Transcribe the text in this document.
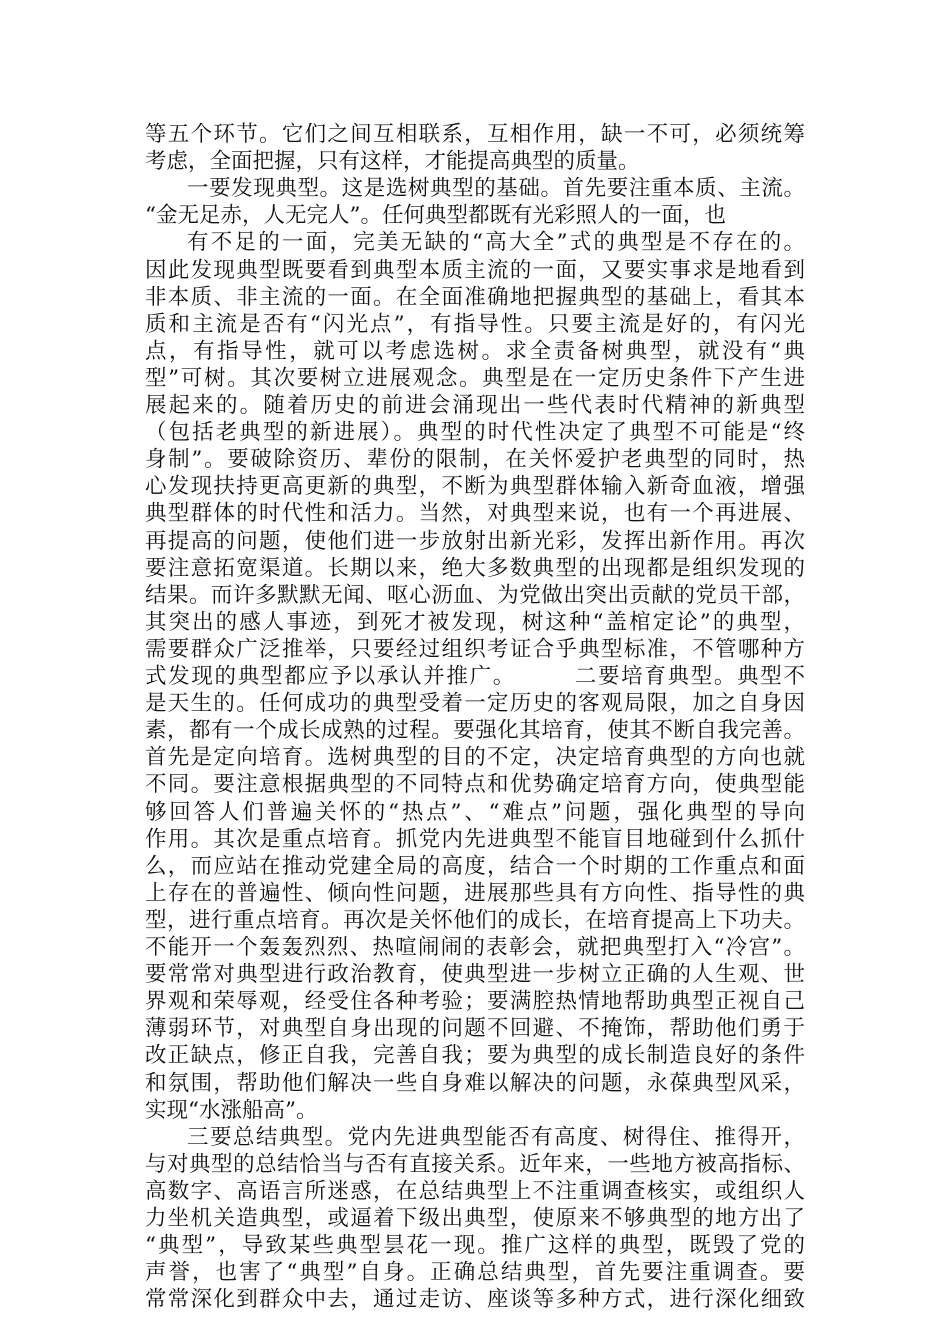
等五个环节。它们之间互相联系，互相作用，缺一不可，必须统筹
考虑，全面把握，只有这样，才能提高典型的质量。
一要发现典型。这是选树典型的基础。首先要注重本质、主流。
“金无足赤，人无完人”。任何典型都既有光彩照人的一面，也
有不足的一面，完美无缺的“高大全”式的典型是不存在的。
因此发现典型既要看到典型本质主流的一面，又要实事求是地看到
非本质、非主流的一面。在全面准确地把握典型的基础上，看其本
质和主流是否有“闪光点”，有指导性。只要主流是好的，有闪光
点，有指导性，就可以考虑选树。求全责备树典型，就没有“典
型”可树。其次要树立进展观念。典型是在一定历史条件下产生进
展起来的。随着历史的前进会涌现出一些代表时代精神的新典型
（包括老典型的新进展）。典型的时代性决定了典型不可能是“终
身制”。要破除资历、辈份的限制，在关怀爱护老典型的同时，热
心发现扶持更高更新的典型，不断为典型群体输入新奇血液，增强
典型群体的时代性和活力。当然，对典型来说，也有一个再进展、
再提高的问题，使他们进一步放射出新光彩，发挥出新作用。再次
要注意拓宽渠道。长期以来，绝大多数典型的出现都是组织发现的
结果。而许多默默无闻、呕心沥血、为党做出突出贡献的党员干部，
其突出的感人事迹，到死才被发现，树这种“盖棺定论”的典型，
需要群众广泛推举，只要经过组织考证合乎典型标准，不管哪种方
式发现的典型都应予以承认并推广。　　　二要培育典型。典型不
是天生的。任何成功的典型受着一定历史的客观局限，加之自身因
素，都有一个成长成熟的过程。要强化其培育，使其不断自我完善。
首先是定向培育。选树典型的目的不定，决定培育典型的方向也就
不同。要注意根据典型的不同特点和优势确定培育方向，使典型能
够回答人们普遍关怀的“热点”、“难点”问题，强化典型的导向
作用。其次是重点培育。抓党内先进典型不能盲目地碰到什么抓什
么，而应站在推动党建全局的高度，结合一个时期的工作重点和面
上存在的普遍性、倾向性问题，进展那些具有方向性、指导性的典
型，进行重点培育。再次是关怀他们的成长，在培育提高上下功夫。
不能开一个轰轰烈烈、热喧闹闹的表彰会，就把典型打入“冷宫”。
要常常对典型进行政治教育，使典型进一步树立正确的人生观、世
界观和荣辱观，经受住各种考验；要满腔热情地帮助典型正视自己
薄弱环节，对典型自身出现的问题不回避、不掩饰，帮助他们勇于
改正缺点，修正自我，完善自我；要为典型的成长制造良好的条件
和氛围，帮助他们解决一些自身难以解决的问题，永葆典型风采，
实现“水涨船高”。
三要总结典型。党内先进典型能否有高度、树得住、推得开，
与对典型的总结恰当与否有直接关系。近年来，一些地方被高指标、
高数字、高语言所迷惑，在总结典型上不注重调查核实，或组织人
力坐机关造典型，或逼着下级出典型，使原来不够典型的地方出了
“典型”，导致某些典型昙花一现。推广这样的典型，既毁了党的
声誉，也害了“典型”自身。正确总结典型，首先要注重调查。要
常常深化到群众中去，通过走访、座谈等多种方式，进行深化细致
